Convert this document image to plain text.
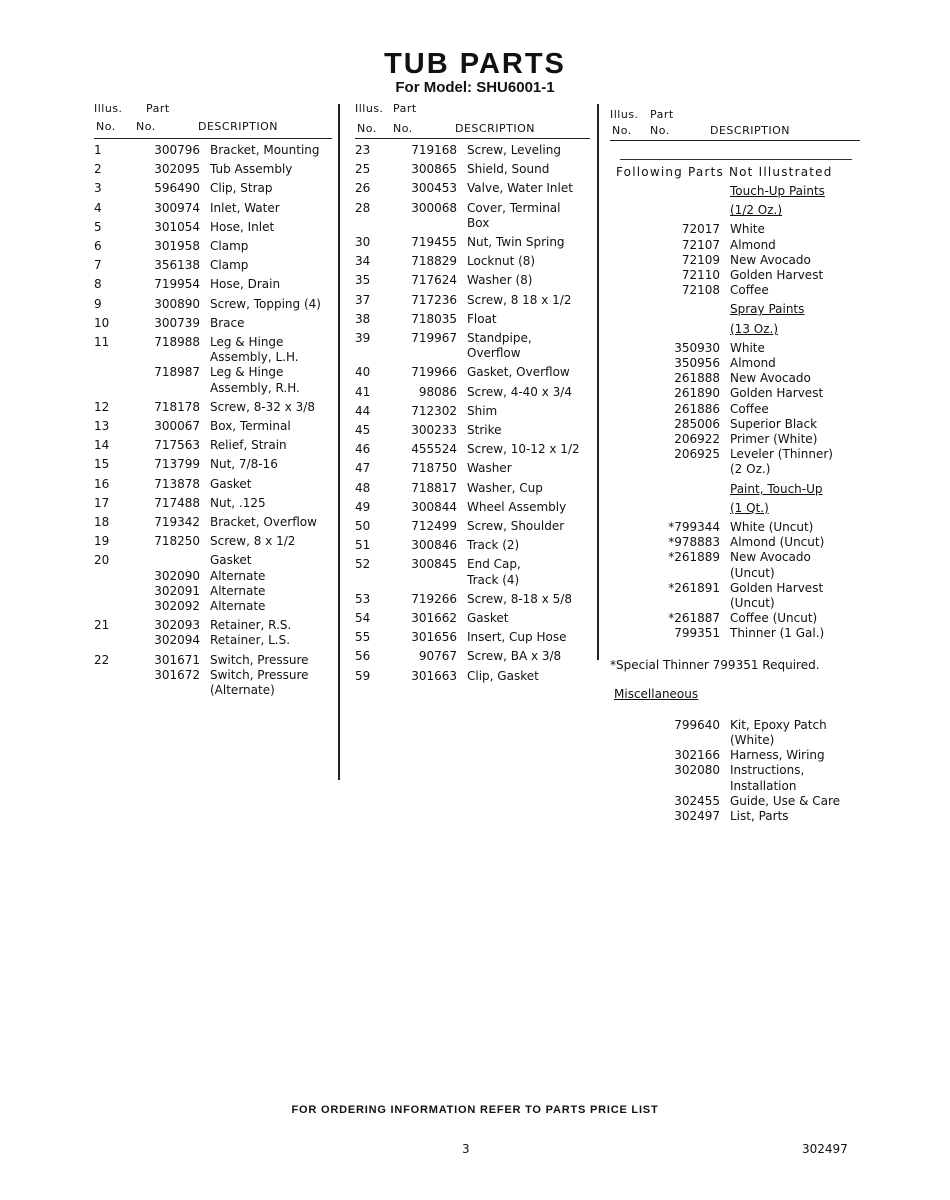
TUB PARTS
For Model: SHU6001-1
Illus. Part
No. No.	DESCRIPTION
1	300796 Bracket, Mounting
2	302095 Tub Assembly
3	596490 Clip, Strap
4	300974 Inlet, Water
5	301054 Hose, Inlet
6	301958 Clamp
7	356138 Clamp
8	719954 Hose, Drain
9	300890 Screw, Topping (4)
10	300739 Brace
11	718988 Leg & Hinge
Assembly, L.H.
718987 Leg & Hinge
Assembly, R.H.
12	718178 Screw, 8-32 x 3/8
13	300067 Box, Terminal
14	717563 Relief, Strain
15	713799 Nut, 7/8-16
16	713878 Gasket
17	717488 Nut, .125
18	719342 Bracket, Overflow
19	718250 Screw, 8 x 1/2
20	Gasket
302090 Alternate
302091 Alternate
302092 Alternate
21	302093 Retainer, R.S.
302094 Retainer, L.S.
22	301671 Switch, Pressure
301672 Switch, Pressure
(Alternate)
Illus. Part
No. No.	DESCRIPTION
23	719168 Screw, Leveling
25	300865 Shield, Sound
26	300453 Valve, Water Inlet
28	300068 Cover, Terminal
Box
30	719455 Nut, Twin Spring
34	718829 Locknut (8)
35	717624 Washer (8)
37	717236 Screw, 8 18 x 1/2
38	718035 Float
39	719967 Standpipe,
Overflow
40	719966 Gasket, Overflow
41	98086 Screw, 4-40 x 3/4
44	712302 Shim
45	300233 Strike
46	455524 Screw, 10-12 x 1/2
47	718750 Washer
48	718817 Washer, Cup
49	300844 Wheel Assembly
50	712499 Screw, Shoulder
51	300846 Track (2)
52	300845 End Cap,
Track (4)
53	719266 Screw, 8-18 x 5/8
54	301662 Gasket
55	301656 Insert, Cup Hose
56	90767 Screw, BA x 3/8
59	301663 Clip, Gasket
Illus. Part
No. No.	DESCRIPTION
Following Parts Not Illustrated
Touch-Up Paints
(1/2 Oz.)
72017 White
72107 Almond
72109 New Avocado
72110 Golden Harvest
72108 Coffee
Spray Paints
(13 Oz.)
350930 White
350956 Almond
261888 New Avocado
261890 Golden Harvest
261886 Coffee
285006 Superior Black
206922 Primer (White)
206925 Leveler (Thinner)
(2 Oz.)
Paint, Touch-Up
(1 Qt.)
*799344 White (Uncut)
*978883 Almond (Uncut)
*261889 New Avocado
(Uncut)
*261891 Golden Harvest
(Uncut)
*261887 Coffee (Uncut)
799351 Thinner (1 Gal.)
*Special Thinner 799351 Required.
Miscellaneous
799640 Kit, Epoxy Patch
(White)
302166 Harness, Wiring
302080 Instructions,
Installation
302455 Guide, Use & Care
302497 List, Parts
FOR ORDERING INFORMATION REFER TO PARTS PRICE LIST
3	302497
